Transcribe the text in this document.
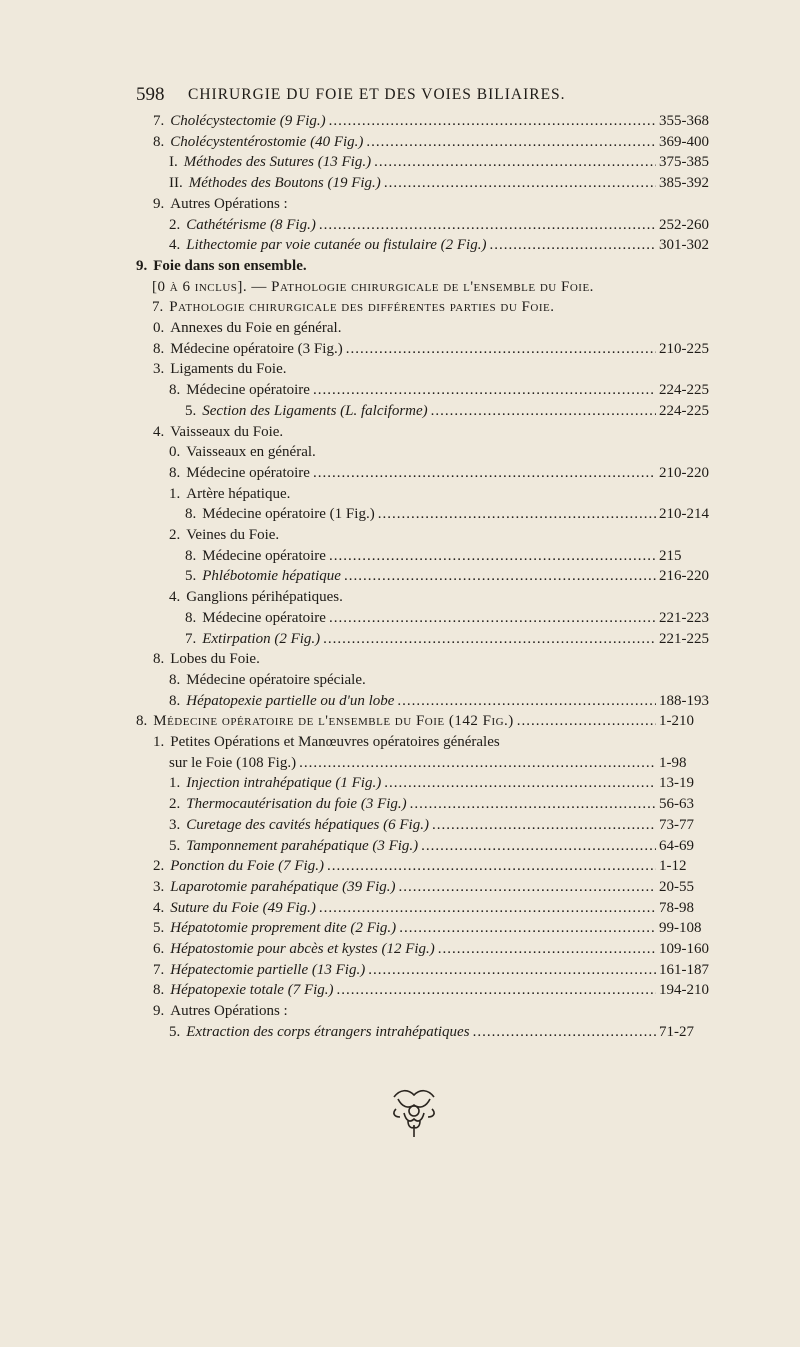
598 CHIRURGIE DU FOIE ET DES VOIES BILIAIRES.
7. Cholécystectomie (9 Fig.) .....	355-368
8. Cholécystentérostomie (40 Fig.) .....	369-400
I. Méthodes des Sutures (13 Fig.) .....	375-385
II. Méthodes des Boutons (19 Fig.) .....	385-392
9. Autres Opérations :
2. Cathétérisme (8 Fig.) .....	252-260
4. Lithectomie par voie cutanée ou fistulaire (2 Fig.) .....	301-302
9. Foie dans son ensemble.
[0 à 6 inclus]. — Pathologie chirurgicale de l'ensemble du Foie.
7. Pathologie chirurgicale des différentes parties du Foie.
0. Annexes du Foie en général.
8. Médecine opératoire (3 Fig.) .....	210-225
3. Ligaments du Foie.
8. Médecine opératoire .....	224-225
5. Section des Ligaments (L. falciforme) .....	224-225
4. Vaisseaux du Foie.
0. Vaisseaux en général.
8. Médecine opératoire .....	210-220
1. Artère hépatique.
8. Médecine opératoire (1 Fig.) .....	210-214
2. Veines du Foie.
8. Médecine opératoire .....	215
5. Phlébotomie hépatique .....	216-220
4. Ganglions périhépatiques.
8. Médecine opératoire .....	221-223
7. Extirpation (2 Fig.) .....	221-225
8. Lobes du Foie.
8. Médecine opératoire spéciale.
8. Hépatopexie partielle ou d'un lobe .....	188-193
8. Médecine opératoire de l'ensemble du Foie (142 Fig.) .....	1-210
1. Petites Opérations et Manœuvres opératoires générales
sur le Foie (108 Fig.) .....	1-98
1. Injection intrahépatique (1 Fig.) .....	13-19
2. Thermocautérisation du foie (3 Fig.) .....	56-63
3. Curetage des cavités hépatiques (6 Fig.) .....	73-77
5. Tamponnement parahépatique (3 Fig.) .....	64-69
2. Ponction du Foie (7 Fig.) .....	1-12
3. Laparotomie parahépatique (39 Fig.) .....	20-55
4. Suture du Foie (49 Fig.) .....	78-98
5. Hépatotomie proprement dite (2 Fig.) .....	99-108
6. Hépatostomie pour abcès et kystes (12 Fig.) .....	109-160
7. Hépatectomie partielle (13 Fig.) .....	161-187
8. Hépatopexie totale (7 Fig.) .....	194-210
9. Autres Opérations :
5. Extraction des corps étrangers intrahépatiques .....	71-27
